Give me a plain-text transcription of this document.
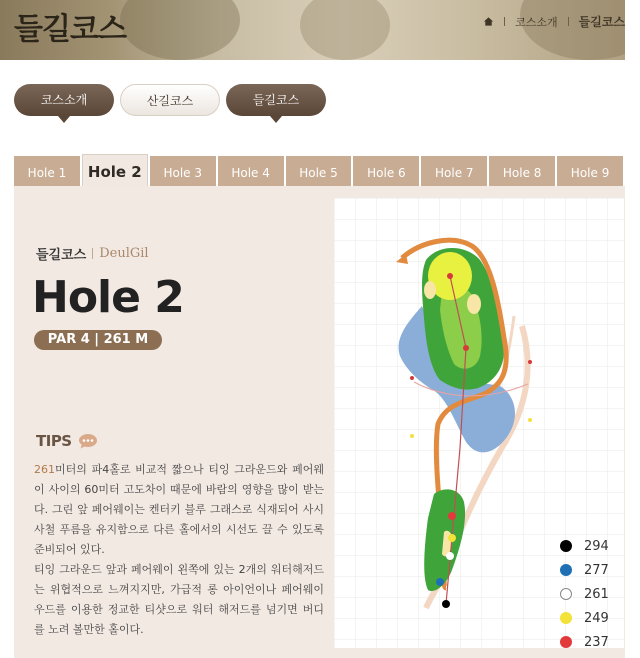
들길코스	코스소개 들길코스
코스소개	산길코스	들길코스
들길코스 DeulGil
Hole 2
PAR 4 | 261 M
TIPS

261미터의 파4홀로 비교적 짧으나 티잉 그라운드와 페어웨이 사이의 60미터 고도차이 때문에 바람의 영향을 많이 받는다. 그린 앞 페어웨이는 켄터키 블루 그래스로 식재되어 사시사철 푸름을 유지함으로 다른 홀에서의 시선도 끌 수 있도록 준비되어 있다.

티잉 그라운드 앞과 페어웨이 왼쪽에 있는 2개의 워터해저드는 위협적으로 느껴지지만, 가급적 롱 아이언이나 페어웨이 우드를 이용한 정교한 티샷으로 워터 해저드를 넘기면 버디를 노려 볼만한 홀이다.

Hole 1	Hole 2	Hole 3	Hole 4	Hole 5	Hole 6	Hole 7	Hole 8	Hole 9
294
277
261
249
237
